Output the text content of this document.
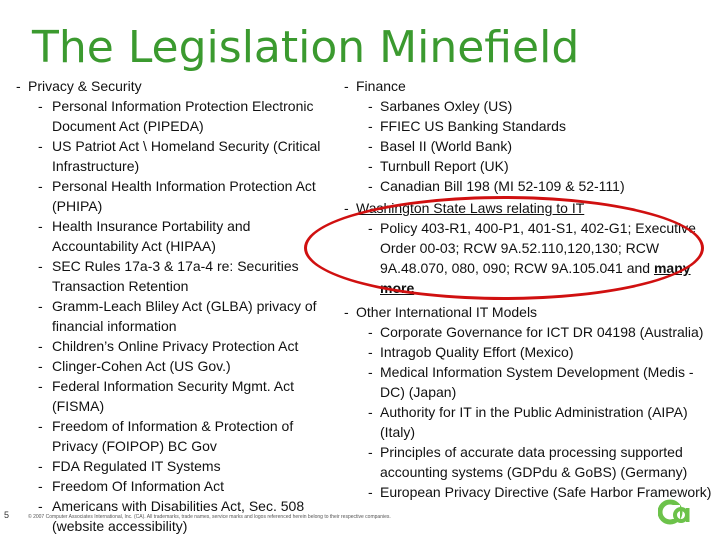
The Legislation Minefield
- Privacy & Security
- Personal Information Protection Electronic Document Act (PIPEDA)
- US Patriot Act \ Homeland Security (Critical Infrastructure)
- Personal Health Information Protection Act (PHIPA)
- Health Insurance Portability and Accountability Act (HIPAA)
- SEC Rules 17a-3 & 17a-4 re: Securities Transaction Retention
- Gramm-Leach Bliley Act (GLBA) privacy of financial information
- Children’s Online Privacy Protection Act
- Clinger-Cohen Act (US Gov.)
- Federal Information Security Mgmt. Act (FISMA)
- Freedom of Information & Protection of Privacy (FOIPOP) BC Gov
- FDA Regulated IT Systems
- Freedom Of Information Act
- Americans with Disabilities Act, Sec. 508 (website accessibility)
- Finance
- Sarbanes Oxley (US)
- FFIEC US Banking Standards
- Basel II (World Bank)
- Turnbull Report (UK)
- Canadian Bill 198 (MI 52-109 & 52-111)
- Washington State Laws relating to IT
- Policy 403-R1, 400-P1, 401-S1, 402-G1; Executive Order 00-03; RCW 9A.52.110,120,130; RCW 9A.48.070, 080, 090; RCW 9A.105.041 and many more
- Other International IT Models
- Corporate Governance for ICT DR 04198 (Australia)
- Intragob Quality Effort (Mexico)
- Medical Information System Development (Medis -DC) (Japan)
- Authority for IT in the Public Administration (AIPA) (Italy)
- Principles of accurate data processing supported accounting systems (GDPdu & GoBS) (Germany)
- European Privacy Directive (Safe Harbor Framework)
5	© 2007 Computer Associates International, Inc. (CA). All trademarks, trade names, service marks and logos referenced herein belong to their respective companies.
